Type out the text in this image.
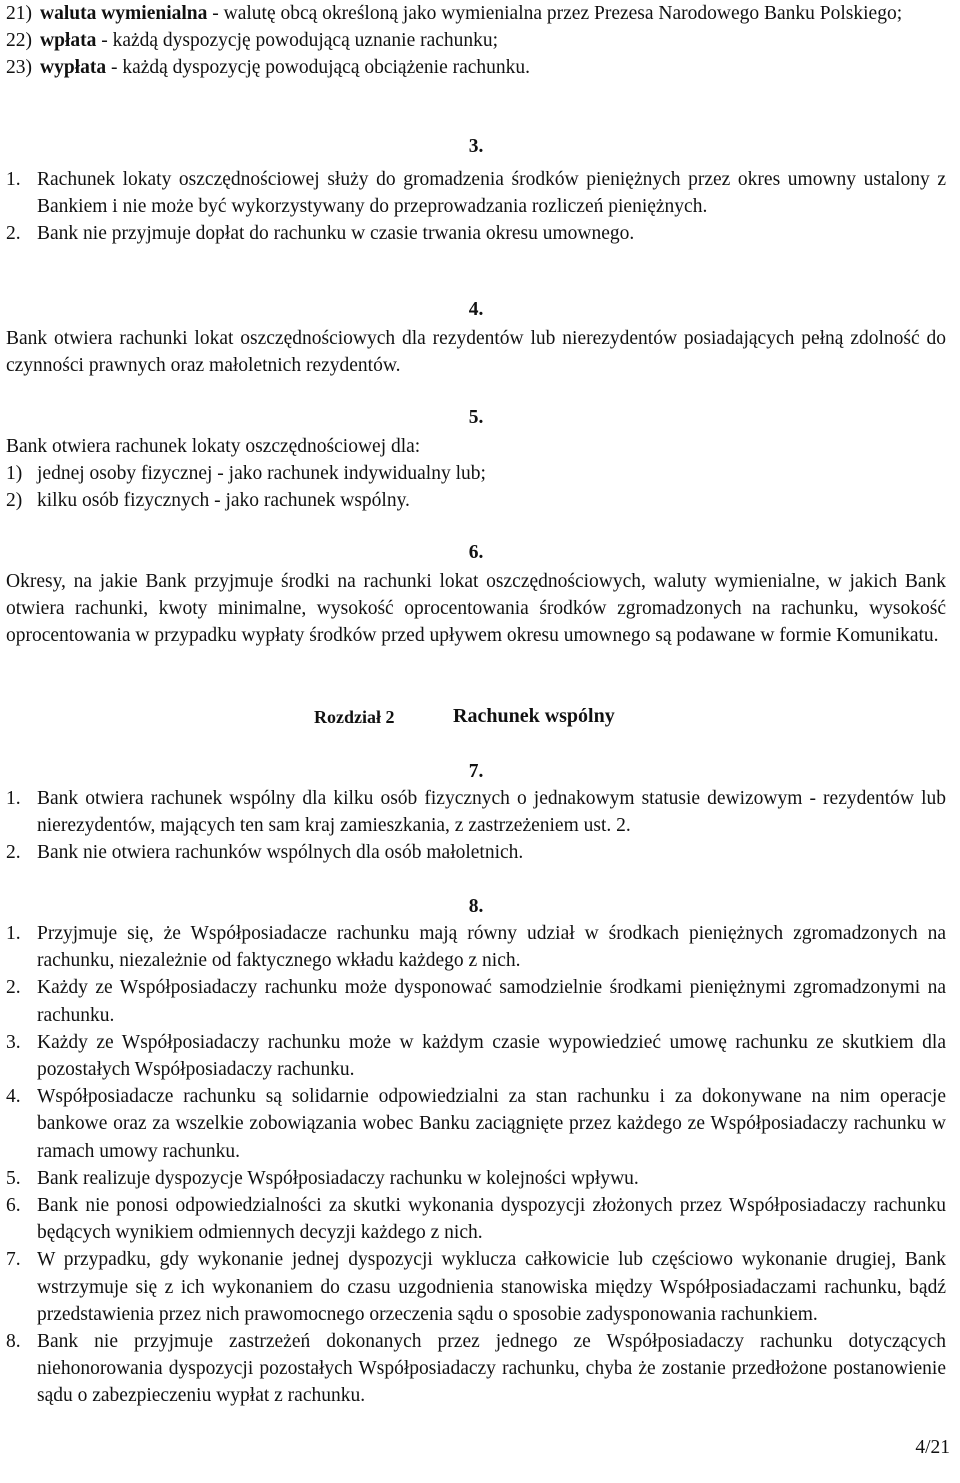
21) waluta wymienialna - walutę obcą określoną jako wymienialna przez Prezesa Narodowego Banku Polskiego;

22) wpłata - każdą dyspozycję powodującą uznanie rachunku;

23) wypłata - każdą dyspozycję powodującą obciążenie rachunku.

3.

1. Rachunek lokaty oszczędnościowej służy do gromadzenia środków pieniężnych przez okres umowny ustalony z Bankiem i nie może być wykorzystywany do przeprowadzania rozliczeń pieniężnych.
2. Bank nie przyjmuje dopłat do rachunku w czasie trwania okresu umownego.

4.

Bank otwiera rachunki lokat oszczędnościowych dla rezydentów lub nierezydentów posiadających pełną zdolność do czynności prawnych oraz małoletnich rezydentów.

5.

Bank otwiera rachunek lokaty oszczędnościowej dla:

1) jednej osoby fizycznej - jako rachunek indywidualny lub;
2) kilku osób fizycznych - jako rachunek wspólny.

6.

Okresy, na jakie Bank przyjmuje środki na rachunki lokat oszczędnościowych, waluty wymienialne, w jakich Bank otwiera rachunki, kwoty minimalne, wysokość oprocentowania środków zgromadzonych na rachunku, wysokość oprocentowania w przypadku wypłaty środków przed upływem okresu umownego są podawane w formie Komunikatu.

Rozdział 2	Rachunek wspólny

7.

1. Bank otwiera rachunek wspólny dla kilku osób fizycznych o jednakowym statusie dewizowym - rezydentów lub nierezydentów, mających ten sam kraj zamieszkania, z zastrzeżeniem ust. 2.
2. Bank nie otwiera rachunków wspólnych dla osób małoletnich.

8.

1. Przyjmuje się, że Współposiadacze rachunku mają równy udział w środkach pieniężnych zgromadzonych na rachunku, niezależnie od faktycznego wkładu każdego z nich.
2. Każdy ze Współposiadaczy rachunku może dysponować samodzielnie środkami pieniężnymi zgromadzonymi na rachunku.
3. Każdy ze Współposiadaczy rachunku może w każdym czasie wypowiedzieć umowę rachunku ze skutkiem dla pozostałych Współposiadaczy rachunku.
4. Współposiadacze rachunku są solidarnie odpowiedzialni za stan rachunku i za dokonywane na nim operacje bankowe oraz za wszelkie zobowiązania wobec Banku zaciągnięte przez każdego ze Współposiadaczy rachunku w ramach umowy rachunku.
5. Bank realizuje dyspozycje Współposiadaczy rachunku w kolejności wpływu.
6. Bank nie ponosi odpowiedzialności za skutki wykonania dyspozycji złożonych przez Współposiadaczy rachunku będących wynikiem odmiennych decyzji każdego z nich.
7. W przypadku, gdy wykonanie jednej dyspozycji wyklucza całkowicie lub częściowo wykonanie drugiej, Bank wstrzymuje się z ich wykonaniem do czasu uzgodnienia stanowiska między Współposiadaczami rachunku, bądź przedstawienia przez nich prawomocnego orzeczenia sądu o sposobie zadysponowania rachunkiem.
8. Bank nie przyjmuje zastrzeżeń dokonanych przez jednego ze Współposiadaczy rachunku dotyczących niehonorowania dyspozycji pozostałych Współposiadaczy rachunku, chyba że zostanie przedłożone postanowienie sądu o zabezpieczeniu wypłat z rachunku.
4/21
